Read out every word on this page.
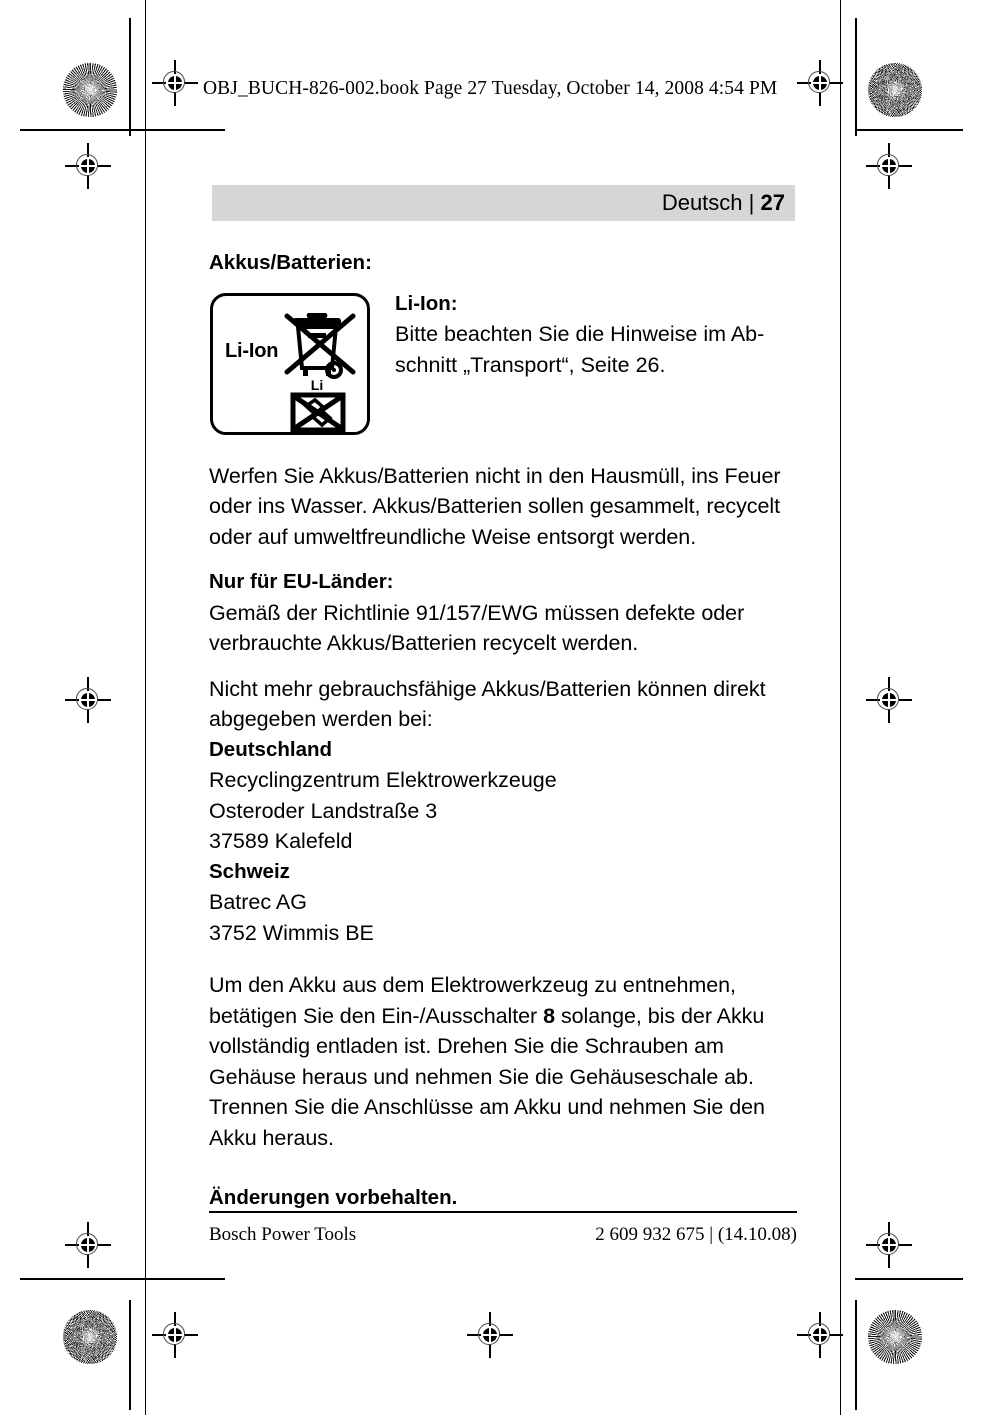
OBJ_BUCH-826-002.book Page 27 Tuesday, October 14, 2008 4:54 PM
Deutsch | 27
Akkus/Batterien:
Li-Ion
Li
Li-Ion:
Bitte beachten Sie die Hinweise im Ab-
schnitt „Transport“, Seite 26.

Werfen Sie Akkus/Batterien nicht in den Hausmüll, ins Feuer oder ins Wasser. Akkus/Batterien sollen gesammelt, recycelt oder auf umweltfreundliche Weise entsorgt werden.

Nur für EU-Länder:

Gemäß der Richtlinie 91/157/EWG müssen defekte oder verbrauchte Akkus/Batterien recycelt werden.

Nicht mehr gebrauchsfähige Akkus/Batterien können direkt abgegeben werden bei:

Deutschland
Recyclingzentrum Elektrowerkzeuge
Osteroder Landstraße 3
37589 Kalefeld
Schweiz
Batrec AG
3752 Wimmis BE

Um den Akku aus dem Elektrowerkzeug zu entnehmen, betätigen Sie den Ein-/Ausschalter 8 solange, bis der Akku vollständig entladen ist. Drehen Sie die Schrauben am Gehäuse heraus und nehmen Sie die Gehäuseschale ab. Trennen Sie die Anschlüsse am Akku und nehmen Sie den Akku heraus.

Änderungen vorbehalten.
Bosch Power Tools	2 609 932 675 | (14.10.08)
